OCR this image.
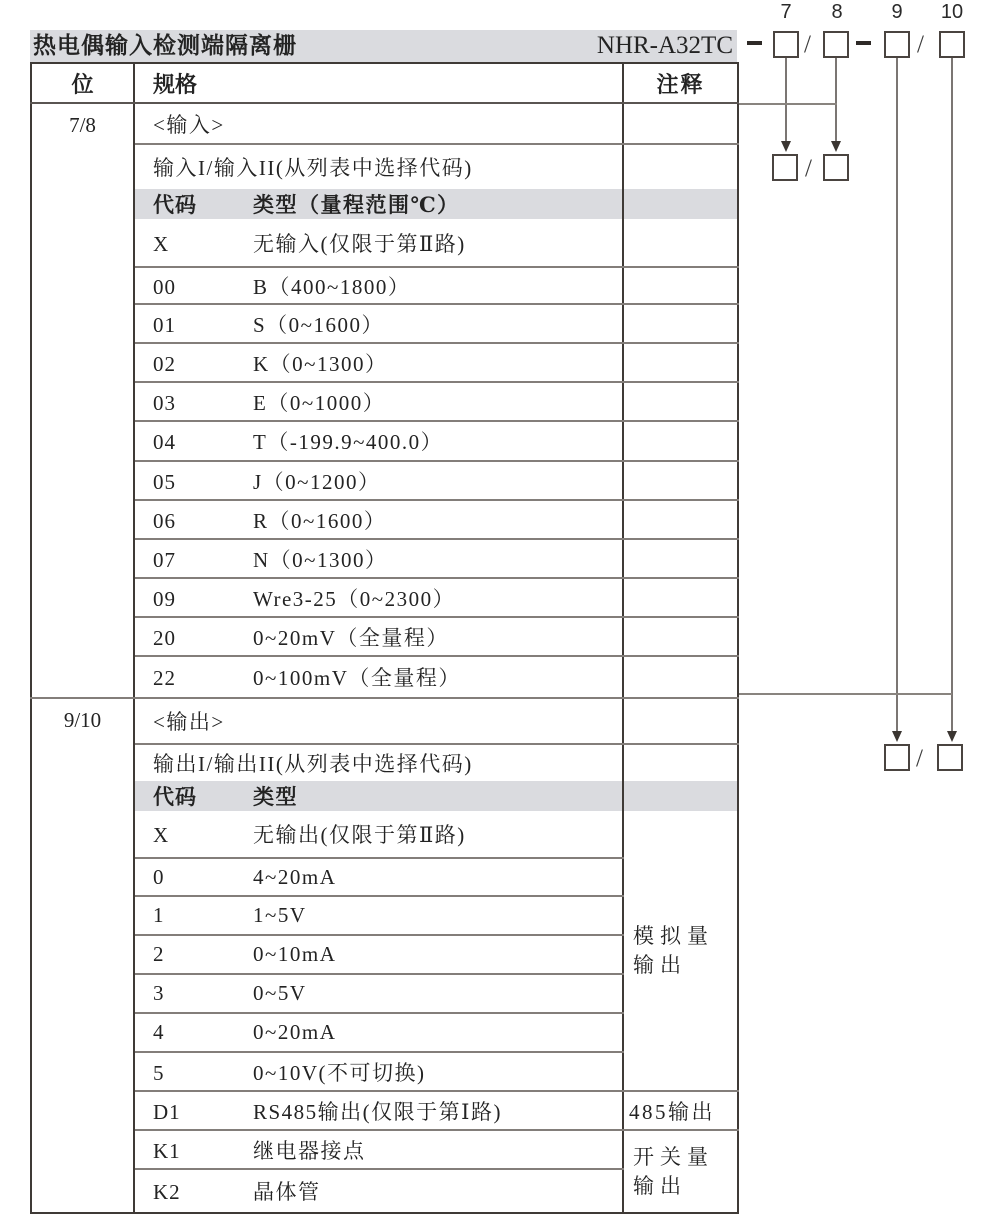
热电偶输入检测端隔离栅	NHR-A32TC
7	8	9	10
/	/
/
/
位	规格	注释
7/8	<输入>	
	输入I/输入II(从列表中选择代码)	
	代码 类型（量程范围℃）	
	X 无输入(仅限于第Ⅱ路)	
	00 B（400~1800）	
	01 S（0~1600）	
	02 K（0~1300）	
	03 E（0~1000）	
	04 T（-199.9~400.0）	
	05 J（0~1200）	
	06 R（0~1600）	
	07 N（0~1300）	
	09 Wre3-25（0~2300）	
	20 0~20mV（全量程）	
	22 0~100mV（全量程）	
9/10	<输出>	
	输出I/输出II(从列表中选择代码)	
	代码 类型	
	X 无输出(仅限于第Ⅱ路)	模拟量输出
	0 4~20mA	
	1 1~5V	
	2 0~10mA	
	3 0~5V	
	4 0~20mA	
	5 0~10V(不可切换)	
	D1 RS485输出(仅限于第Ⅰ路)	485输出
	K1 继电器接点	开关量输出
	K2 晶体管	
